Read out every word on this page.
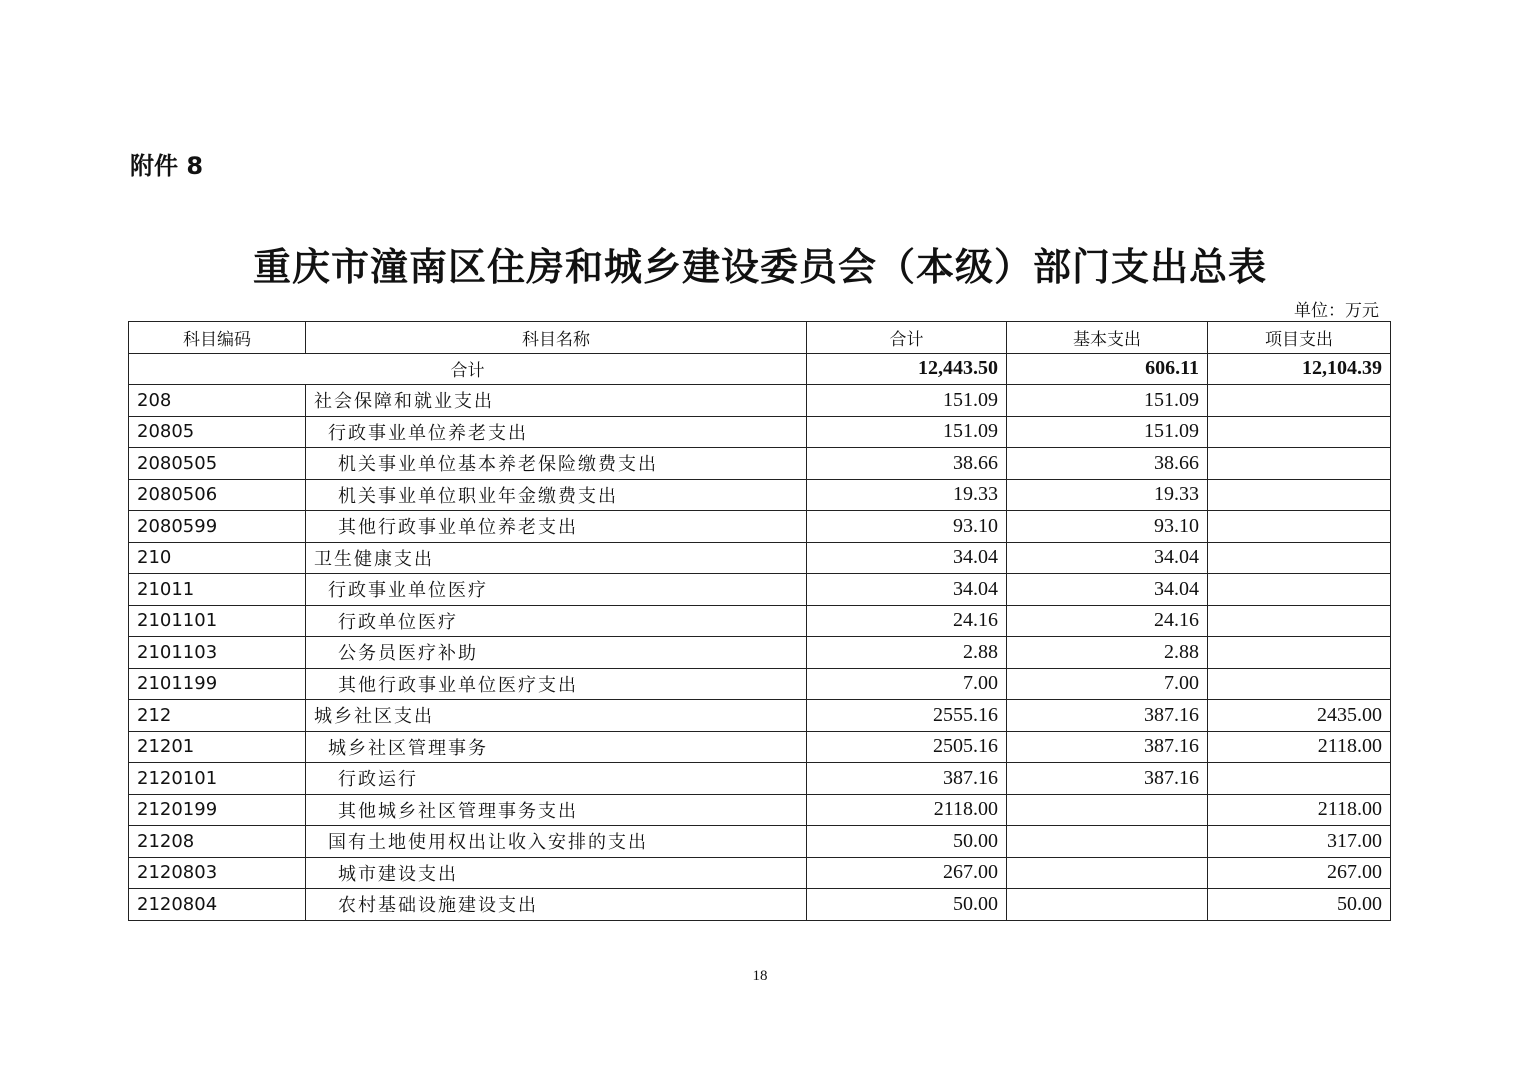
附件 8
重庆市潼南区住房和城乡建设委员会（本级）部门支出总表
单位：万元
科目编码	科目名称	合计	基本支出	项目支出
合计		12,443.50	606.11	12,104.39
208	社会保障和就业支出	151.09	151.09	
20805	行政事业单位养老支出	151.09	151.09	
2080505	机关事业单位基本养老保险缴费支出	38.66	38.66	
2080506	机关事业单位职业年金缴费支出	19.33	19.33	
2080599	其他行政事业单位养老支出	93.10	93.10	
210	卫生健康支出	34.04	34.04	
21011	行政事业单位医疗	34.04	34.04	
2101101	行政单位医疗	24.16	24.16	
2101103	公务员医疗补助	2.88	2.88	
2101199	其他行政事业单位医疗支出	7.00	7.00	
212	城乡社区支出	2555.16	387.16	2435.00
21201	城乡社区管理事务	2505.16	387.16	2118.00
2120101	行政运行	387.16	387.16	
2120199	其他城乡社区管理事务支出	2118.00		2118.00
21208	国有土地使用权出让收入安排的支出	50.00		317.00
2120803	城市建设支出	267.00		267.00
2120804	农村基础设施建设支出	50.00		50.00
18
